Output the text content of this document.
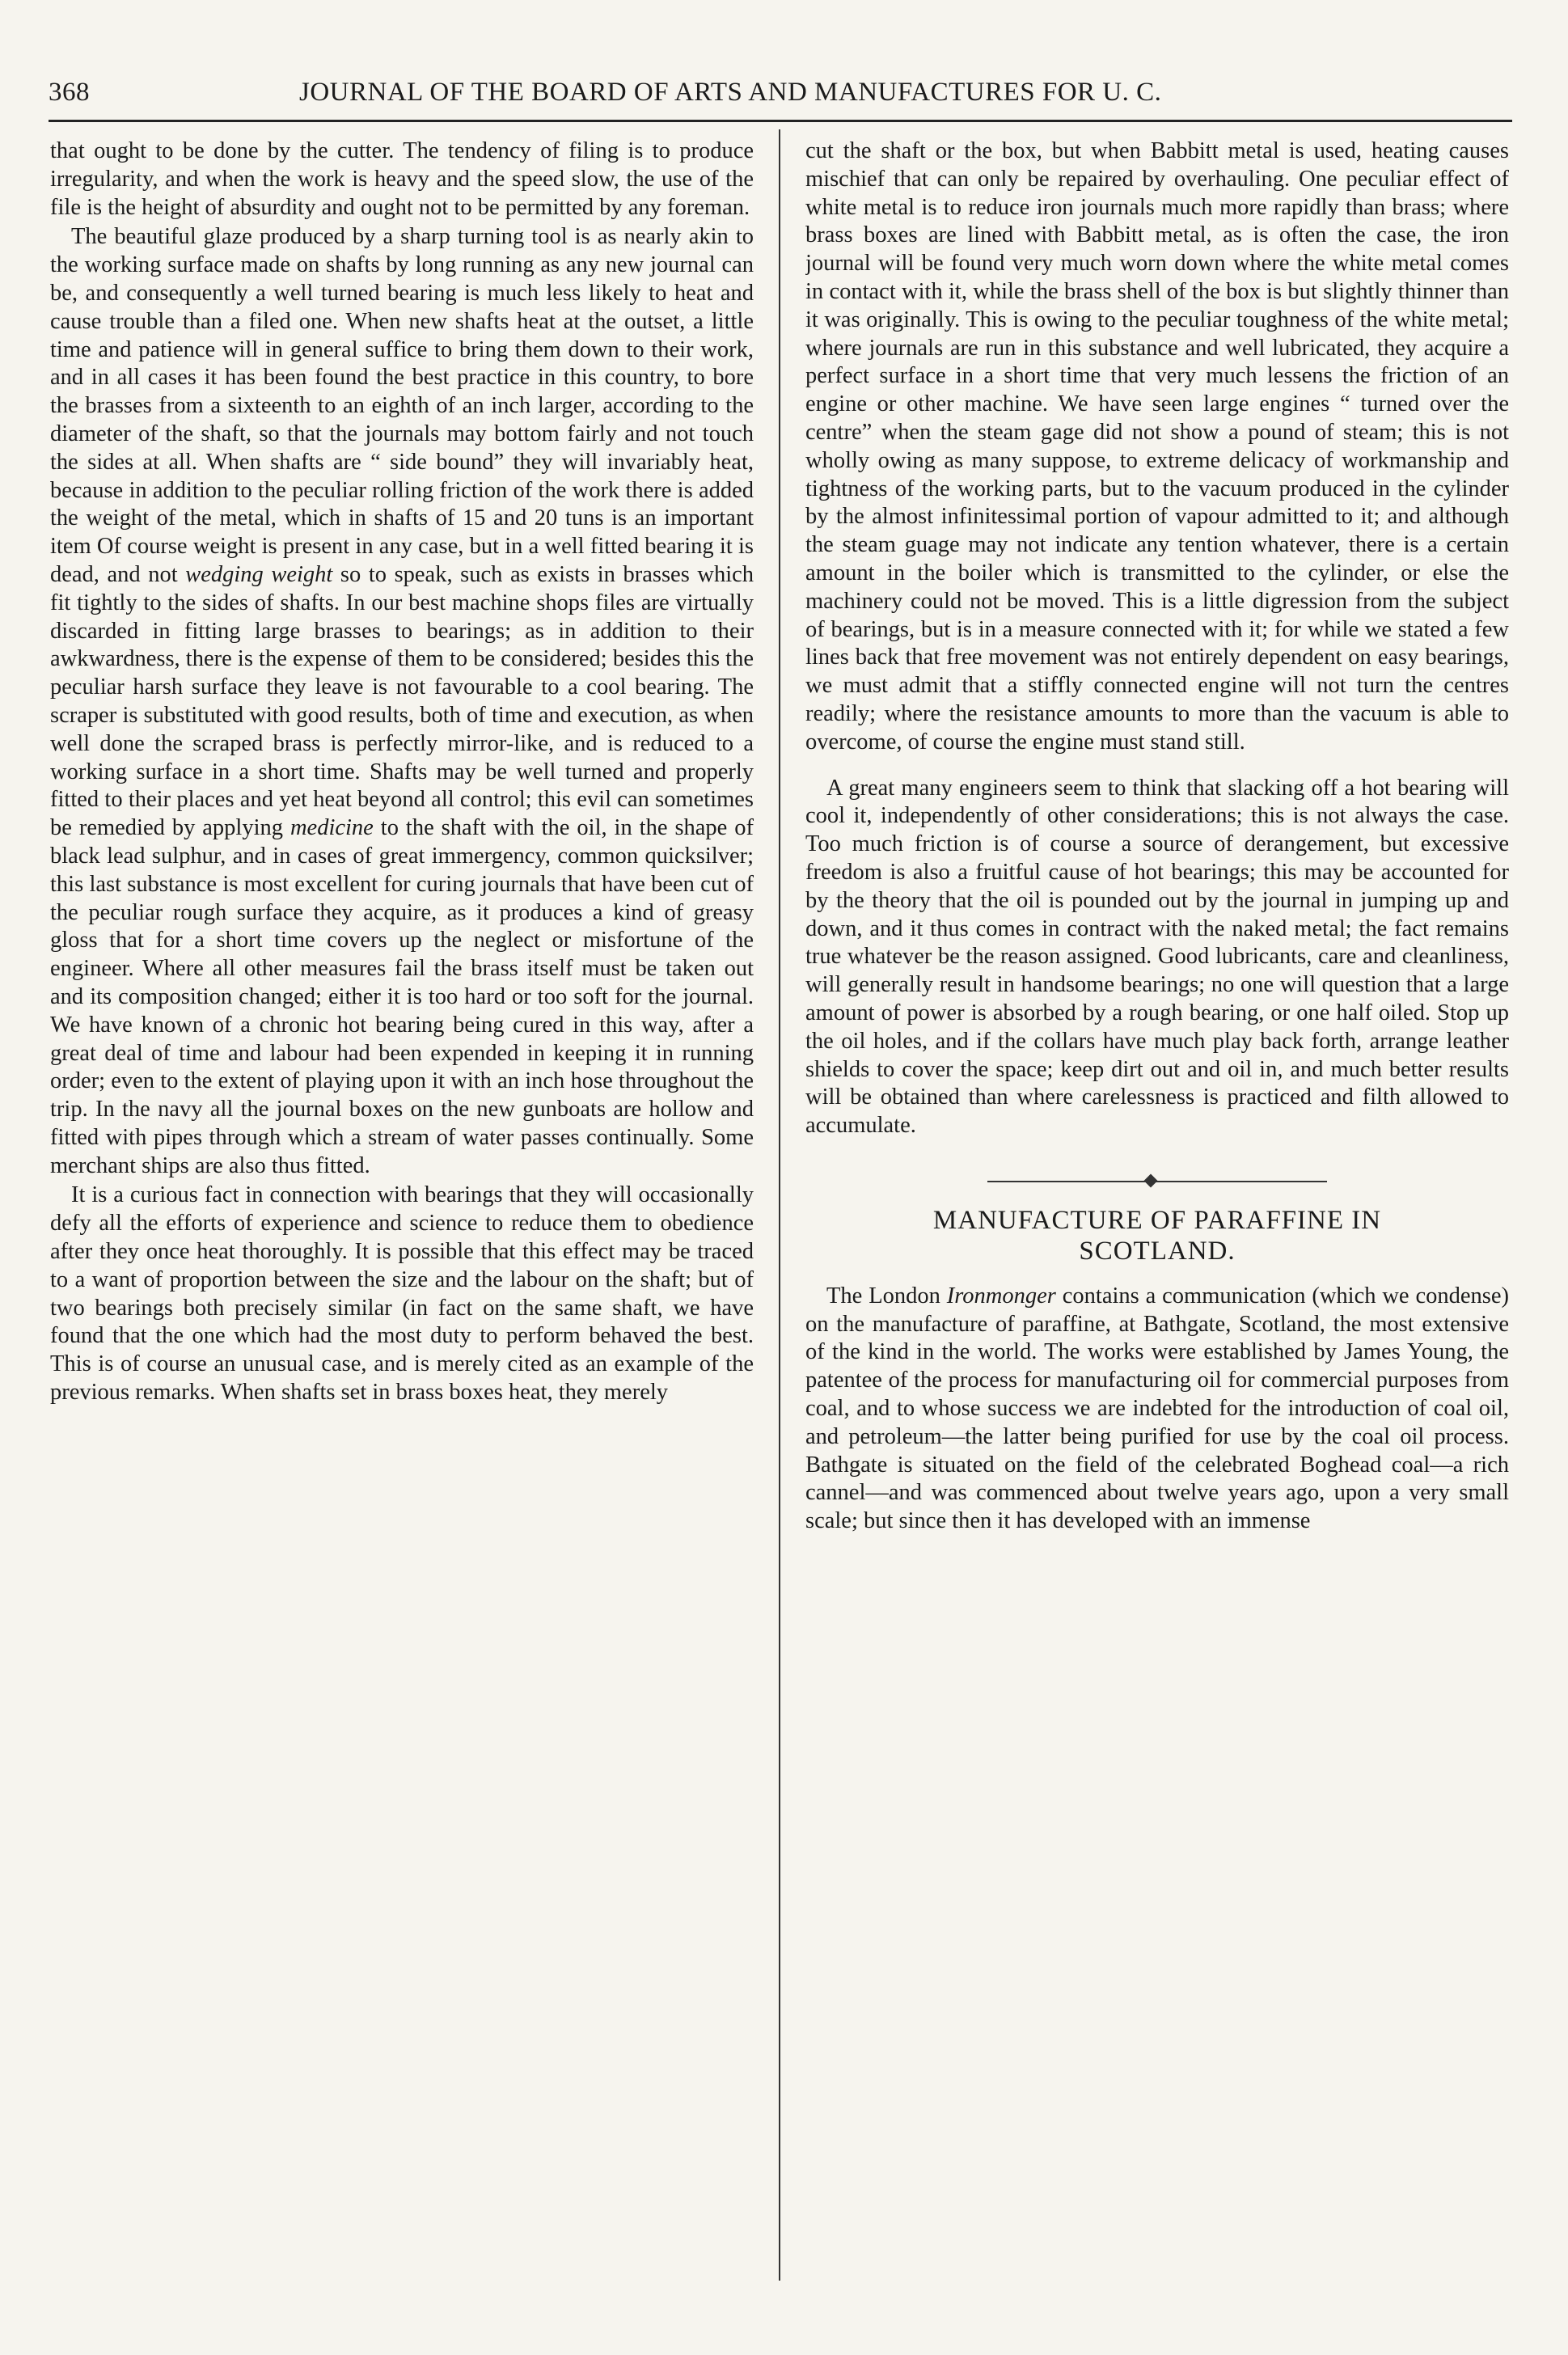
368	JOURNAL OF THE BOARD OF ARTS AND MANUFACTURES FOR U. C.

that ought to be done by the cutter. The tendency of filing is to produce irregularity, and when the work is heavy and the speed slow, the use of the file is the height of absurdity and ought not to be permitted by any foreman.

The beautiful glaze produced by a sharp turning tool is as nearly akin to the working surface made on shafts by long running as any new journal can be, and consequently a well turned bearing is much less likely to heat and cause trouble than a filed one. When new shafts heat at the outset, a little time and patience will in general suffice to bring them down to their work, and in all cases it has been found the best practice in this country, to bore the brasses from a sixteenth to an eighth of an inch larger, according to the diameter of the shaft, so that the journals may bottom fairly and not touch the sides at all. When shafts are “ side bound” they will invariably heat, because in addition to the peculiar rolling friction of the work there is added the weight of the metal, which in shafts of 15 and 20 tuns is an important item Of course weight is present in any case, but in a well fitted bearing it is dead, and not wedging weight so to speak, such as exists in brasses which fit tightly to the sides of shafts. In our best machine shops files are virtually discarded in fitting large brasses to bearings; as in addition to their awkwardness, there is the expense of them to be considered; besides this the peculiar harsh surface they leave is not favourable to a cool bearing. The scraper is substituted with good results, both of time and execution, as when well done the scraped brass is perfectly mirror-like, and is reduced to a working surface in a short time. Shafts may be well turned and properly fitted to their places and yet heat beyond all control; this evil can sometimes be remedied by applying medicine to the shaft with the oil, in the shape of black lead sulphur, and in cases of great immergency, common quicksilver; this last substance is most excellent for curing journals that have been cut of the peculiar rough surface they acquire, as it produces a kind of greasy gloss that for a short time covers up the neglect or misfortune of the engineer. Where all other measures fail the brass itself must be taken out and its composition changed; either it is too hard or too soft for the journal. We have known of a chronic hot bearing being cured in this way, after a great deal of time and labour had been expended in keeping it in running order; even to the extent of playing upon it with an inch hose throughout the trip. In the navy all the journal boxes on the new gunboats are hollow and fitted with pipes through which a stream of water passes continually. Some merchant ships are also thus fitted.

It is a curious fact in connection with bearings that they will occasionally defy all the efforts of experience and science to reduce them to obedience after they once heat thoroughly. It is possible that this effect may be traced to a want of proportion between the size and the labour on the shaft; but of two bearings both precisely similar (in fact on the same shaft, we have found that the one which had the most duty to perform behaved the best. This is of course an unusual case, and is merely cited as an example of the previous remarks. When shafts set in brass boxes heat, they merely

cut the shaft or the box, but when Babbitt metal is used, heating causes mischief that can only be repaired by overhauling. One peculiar effect of white metal is to reduce iron journals much more rapidly than brass; where brass boxes are lined with Babbitt metal, as is often the case, the iron journal will be found very much worn down where the white metal comes in contact with it, while the brass shell of the box is but slightly thinner than it was originally. This is owing to the peculiar toughness of the white metal; where journals are run in this substance and well lubricated, they acquire a perfect surface in a short time that very much lessens the friction of an engine or other machine. We have seen large engines “ turned over the centre” when the steam gage did not show a pound of steam; this is not wholly owing as many suppose, to extreme delicacy of workmanship and tightness of the working parts, but to the vacuum produced in the cylinder by the almost infinitessimal portion of vapour admitted to it; and although the steam guage may not indicate any tention whatever, there is a certain amount in the boiler which is transmitted to the cylinder, or else the machinery could not be moved. This is a little digression from the subject of bearings, but is in a measure connected with it; for while we stated a few lines back that free movement was not entirely dependent on easy bearings, we must admit that a stiffly connected engine will not turn the centres readily; where the resistance amounts to more than the vacuum is able to overcome, of course the engine must stand still.

A great many engineers seem to think that slacking off a hot bearing will cool it, independently of other considerations; this is not always the case. Too much friction is of course a source of derangement, but excessive freedom is also a fruitful cause of hot bearings; this may be accounted for by the theory that the oil is pounded out by the journal in jumping up and down, and it thus comes in contract with the naked metal; the fact remains true whatever be the reason assigned. Good lubricants, care and cleanliness, will generally result in handsome bearings; no one will question that a large amount of power is absorbed by a rough bearing, or one half oiled. Stop up the oil holes, and if the collars have much play back forth, arrange leather shields to cover the space; keep dirt out and oil in, and much better results will be obtained than where carelessness is practiced and filth allowed to accumulate.

MANUFACTURE OF PARAFFINE IN
SCOTLAND.

The London Ironmonger contains a communication (which we condense) on the manufacture of paraffine, at Bathgate, Scotland, the most extensive of the kind in the world. The works were established by James Young, the patentee of the process for manufacturing oil for commercial purposes from coal, and to whose success we are indebted for the introduction of coal oil, and petroleum—the latter being purified for use by the coal oil process. Bathgate is situated on the field of the celebrated Boghead coal—a rich cannel—and was commenced about twelve years ago, upon a very small scale; but since then it has developed with an immense
